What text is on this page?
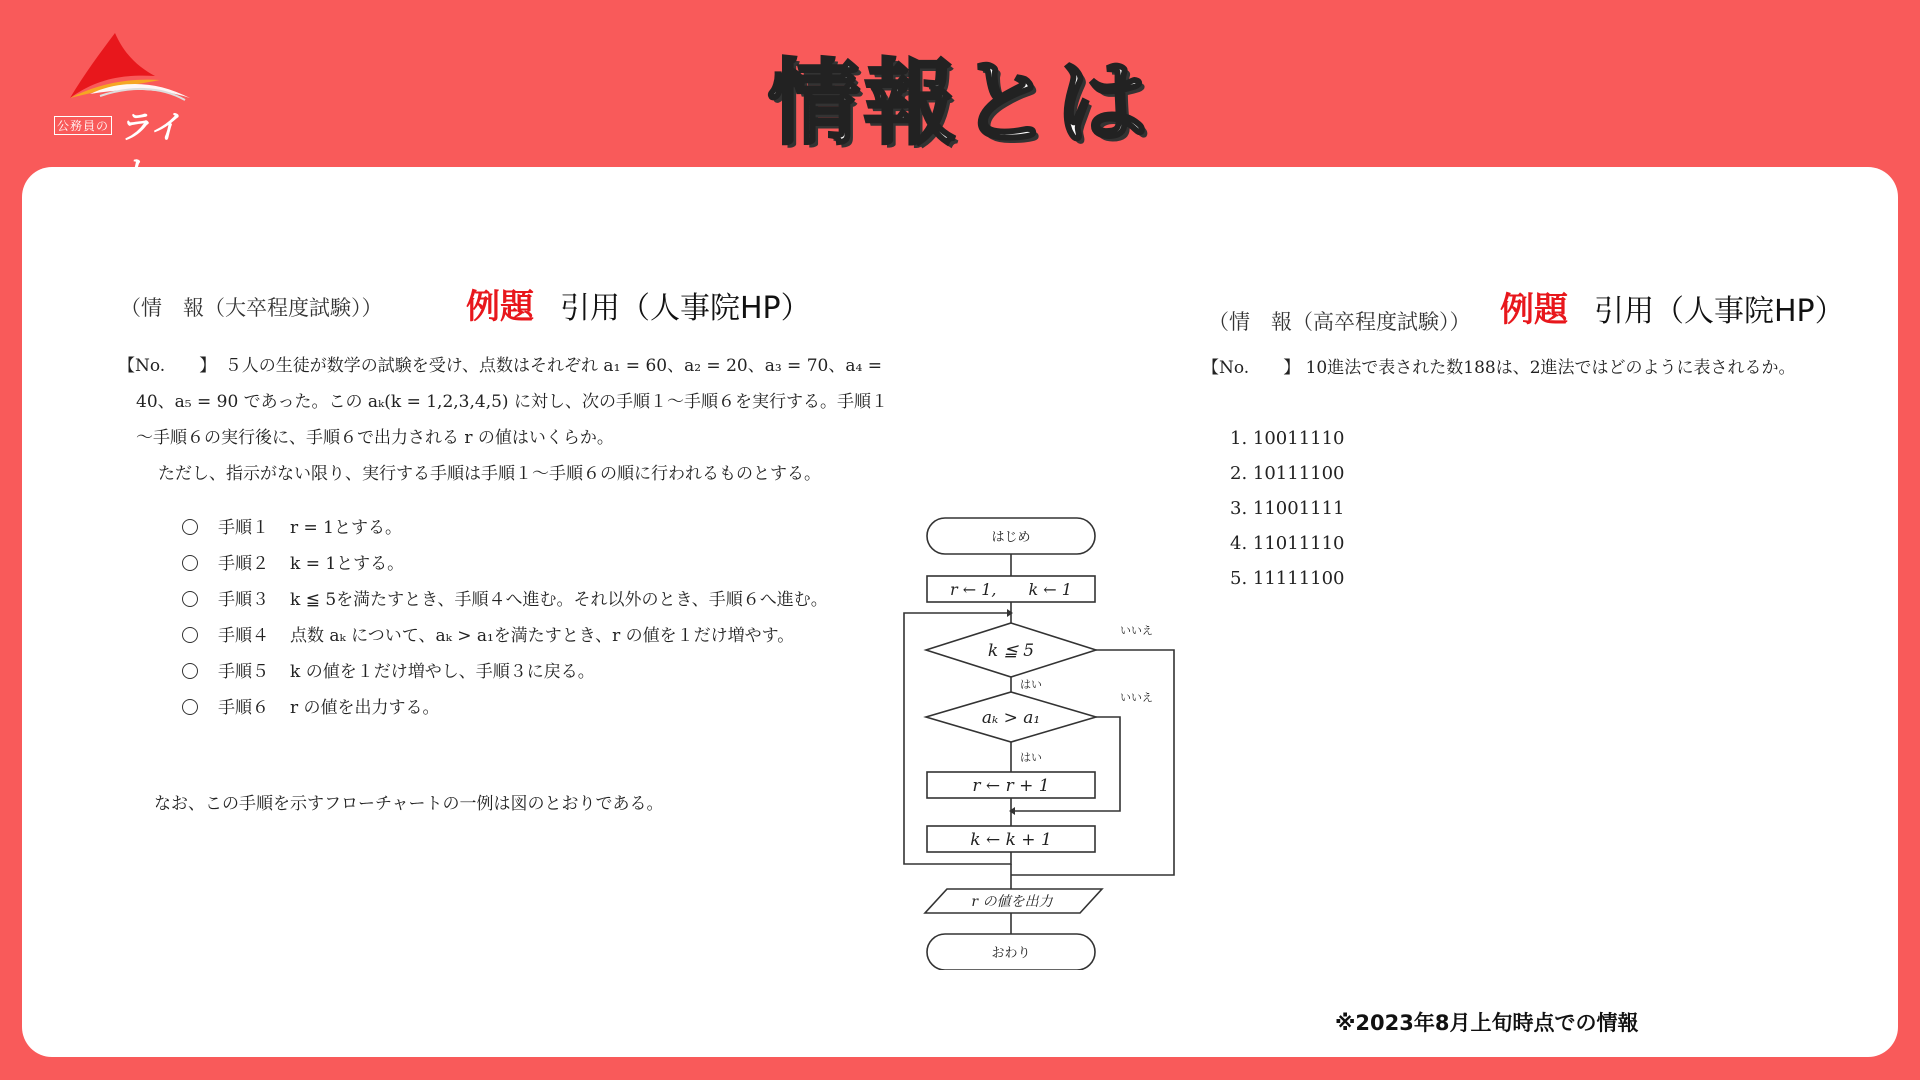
公務員の ライ	情報とは
（情　報（大卒程度試験）） 例題 引用（人事院HP）
【No.　　】　５人の生徒が数学の試験を受け、点数はそれぞれ a₁ = 60、a₂ = 20、a₃ = 70、a₄ =
40、a₅ = 90 であった。この aₖ(k = 1,2,3,4,5) に対し、次の手順１～手順６を実行する。手順１
～手順６の実行後に、手順６で出力される r の値はいくらか。
ただし、指示がない限り、実行する手順は手順１～手順６の順に行われるものとする。
手順１ r = 1とする。
手順２ k = 1とする。
手順３ k ≦ 5を満たすとき、手順４へ進む。それ以外のとき、手順６へ進む。
手順４ 点数 aₖ について、aₖ > a₁を満たすとき、r の値を１だけ増やす。
手順５ k の値を１だけ増やし、手順３に戻る。
手順６ r の値を出力する。
なお、この手順を示すフローチャートの一例は図のとおりである。
はじめ
r ← 1,　　k ← 1
k ≦ 5
aₖ > a₁
r ← r + 1
k ← k + 1
r の値を出力
おわり
はい
はい
いいえ
いいえ
（情　報（高卒程度試験）） 例題 引用（人事院HP）
【No.　　】 10進法で表された数188は、2進法ではどのように表されるか。
1. 10011110
2. 10111100
3. 11001111
4. 11011110
5. 11111100
※2023年8月上旬時点での情報
